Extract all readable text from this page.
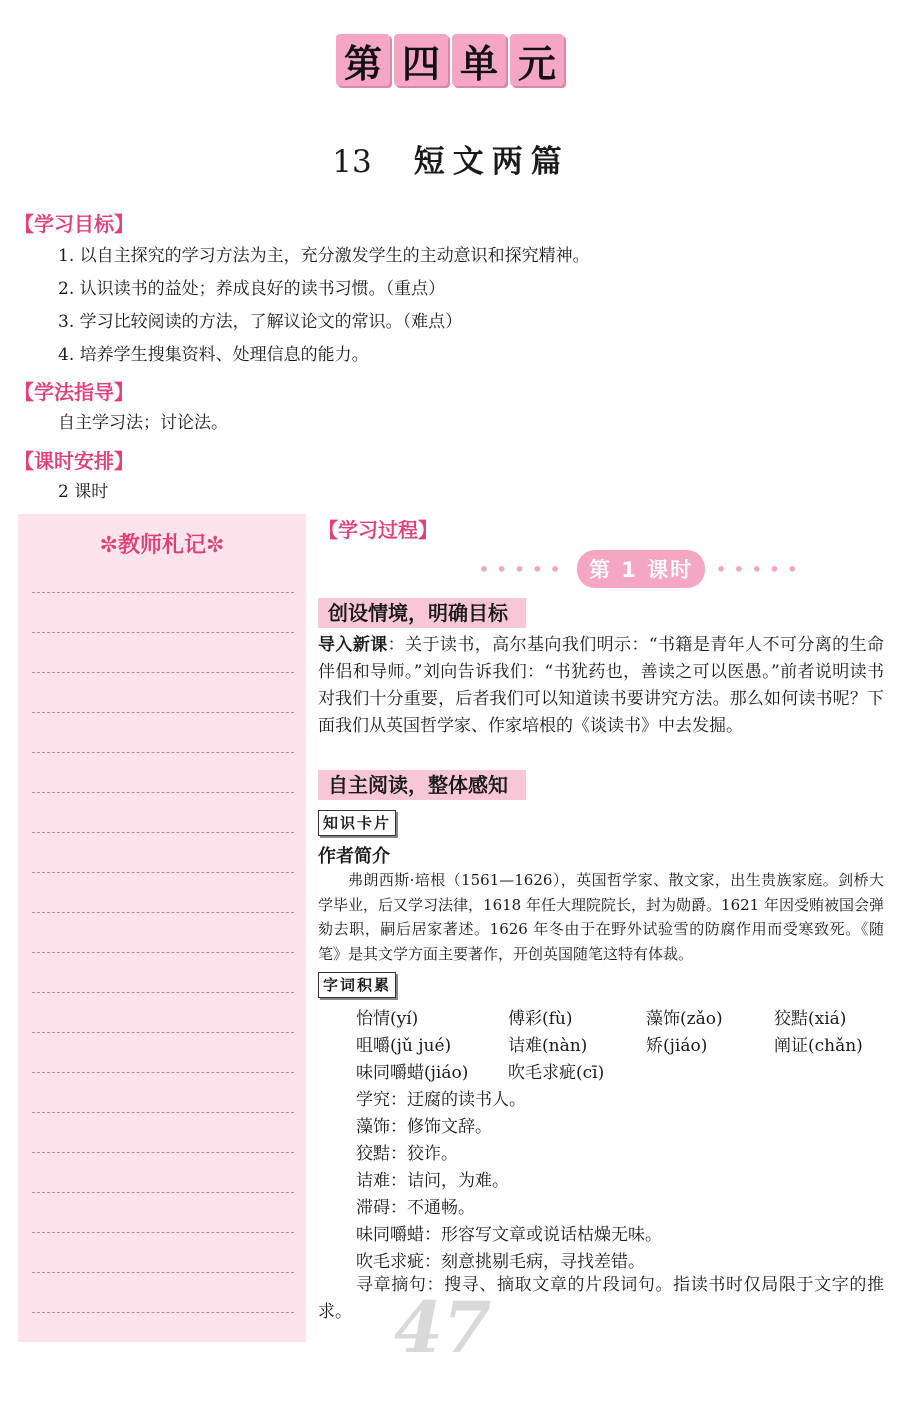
第 四 单 元
13 短文两篇
【学习目标】
1. 以自主探究的学习方法为主，充分激发学生的主动意识和探究精神。
2. 认识读书的益处；养成良好的读书习惯。（重点）
3. 学习比较阅读的方法，了解议论文的常识。（难点）
4. 培养学生搜集资料、处理信息的能力。
【学法指导】
自主学习法；讨论法。
【课时安排】
2 课时
✼教师札记✼
47
【学习过程】
•••••	第 1 课时	•••••
创设情境，明确目标
导入新课：关于读书，高尔基向我们明示：“书籍是青年人不可分离的生命伴侣和导师。”刘向告诉我们：“书犹药也，善读之可以医愚。”前者说明读书对我们十分重要，后者我们可以知道读书要讲究方法。那么如何读书呢？下面我们从英国哲学家、作家培根的《谈读书》中去发掘。
自主阅读，整体感知
知识卡片
作者简介
弗朗西斯·培根（1561—1626），英国哲学家、散文家，出生贵族家庭。剑桥大学毕业，后又学习法律，1618 年任大理院院长，封为勋爵。1621 年因受贿被国会弹劾去职，嗣后居家著述。1626 年冬由于在野外试验雪的防腐作用而受寒致死。《随笔》是其文学方面主要著作，开创英国随笔这特有体裁。
字词积累
怡情(yí)	傅彩(fù)	藻饰(zǎo)	狡黠(xiá)
咀嚼(jǔ jué)	诘难(nàn)	矫(jiáo)	阐证(chǎn)
味同嚼蜡(jiáo) 吹毛求疵(cī)
学究：迂腐的读书人。
藻饰：修饰文辞。
狡黠：狡诈。
诘难：诘问，为难。
滞碍：不通畅。
味同嚼蜡：形容写文章或说话枯燥无味。
吹毛求疵：刻意挑剔毛病，寻找差错。
寻章摘句：搜寻、摘取文章的片段词句。指读书时仅局限于文字的推求。
